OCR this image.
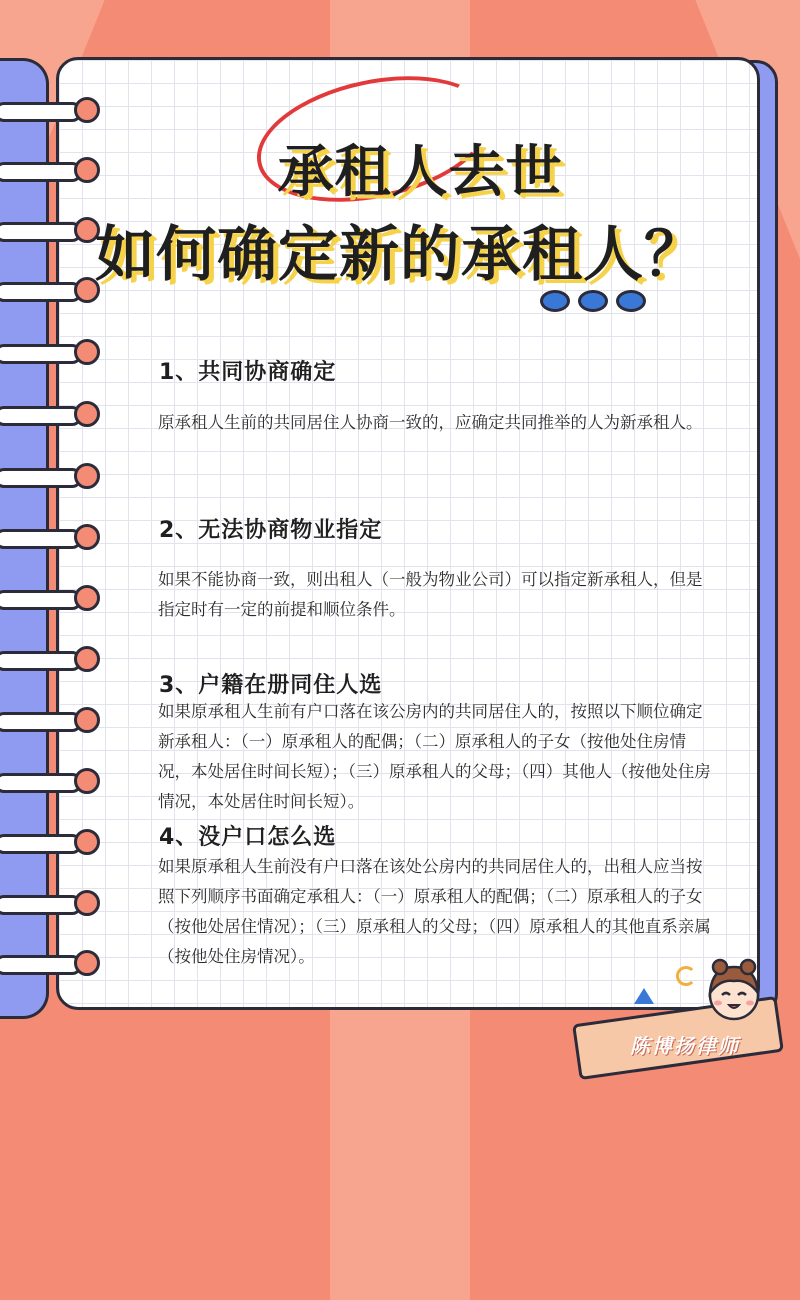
承租人去世
如何确定新的承租人？
1、共同协商确定
原承租人生前的共同居住人协商一致的，应确定共同推举的人为新承租人。
2、无法协商物业指定
如果不能协商一致，则出租人（一般为物业公司）可以指定新承租人，但是指定时有一定的前提和顺位条件。
3、户籍在册同住人选
如果原承租人生前有户口落在该公房内的共同居住人的，按照以下顺位确定新承租人：（一）原承租人的配偶；（二）原承租人的子女（按他处住房情况，本处居住时间长短）；（三）原承租人的父母；（四）其他人（按他处住房情况，本处居住时间长短）。
4、没户口怎么选
如果原承租人生前没有户口落在该处公房内的共同居住人的，出租人应当按照下列顺序书面确定承租人：（一）原承租人的配偶；（二）原承租人的子女（按他处居住情况）；（三）原承租人的父母；（四）原承租人的其他直系亲属（按他处住房情况）。
陈博扬律师
